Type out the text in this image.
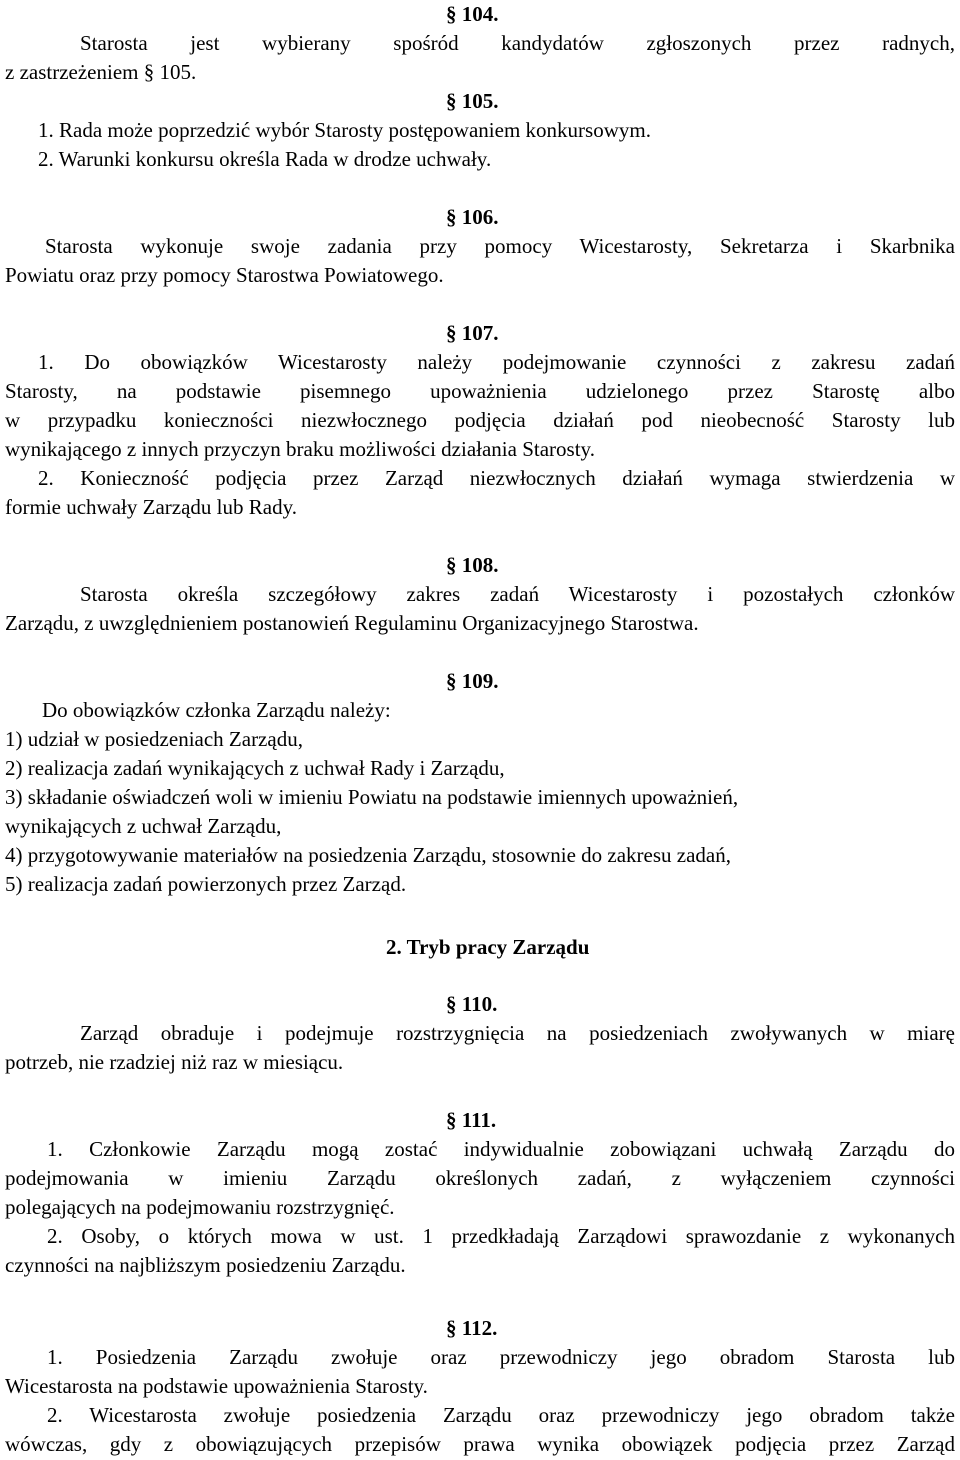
§ 104.
Starosta jest wybierany spośród kandydatów zgłoszonych przez radnych,
z zastrzeżeniem § 105.
§ 105.
1. Rada może poprzedzić wybór Starosty postępowaniem konkursowym.
2. Warunki konkursu określa Rada w drodze uchwały.
§ 106.
Starosta wykonuje swoje zadania przy pomocy Wicestarosty, Sekretarza i Skarbnika
Powiatu oraz przy pomocy Starostwa Powiatowego.
§ 107.
1. Do obowiązków Wicestarosty należy podejmowanie czynności z zakresu zadań
Starosty, na podstawie pisemnego upoważnienia udzielonego przez Starostę albo
w przypadku konieczności niezwłocznego podjęcia działań pod nieobecność Starosty lub
wynikającego z innych przyczyn braku możliwości działania Starosty.
2. Konieczność podjęcia przez Zarząd niezwłocznych działań wymaga stwierdzenia w
formie uchwały Zarządu lub Rady.
§ 108.
Starosta określa szczegółowy zakres zadań Wicestarosty i pozostałych członków
Zarządu, z uwzględnieniem postanowień Regulaminu Organizacyjnego Starostwa.
§ 109.
Do obowiązków członka Zarządu należy:
1) udział w posiedzeniach Zarządu,
2) realizacja zadań wynikających z uchwał Rady i Zarządu,
3) składanie oświadczeń woli w imieniu Powiatu na podstawie imiennych upoważnień,
wynikających z uchwał Zarządu,
4) przygotowywanie materiałów na posiedzenia Zarządu, stosownie do zakresu zadań,
5) realizacja zadań powierzonych przez Zarząd.
2. Tryb pracy Zarządu
§ 110.
Zarząd obraduje i podejmuje rozstrzygnięcia na posiedzeniach zwoływanych w miarę
potrzeb, nie rzadziej niż raz w miesiącu.
§ 111.
1. Członkowie Zarządu mogą zostać indywidualnie zobowiązani uchwałą Zarządu do
podejmowania w imieniu Zarządu określonych zadań, z wyłączeniem czynności
polegających na podejmowaniu rozstrzygnięć.
2. Osoby, o których mowa w ust. 1 przedkładają Zarządowi sprawozdanie z wykonanych
czynności na najbliższym posiedzeniu Zarządu.
§ 112.
1. Posiedzenia Zarządu zwołuje oraz przewodniczy jego obradom Starosta lub
Wicestarosta na podstawie upoważnienia Starosty.
2. Wicestarosta zwołuje posiedzenia Zarządu oraz przewodniczy jego obradom także
wówczas, gdy z obowiązujących przepisów prawa wynika obowiązek podjęcia przez Zarząd
